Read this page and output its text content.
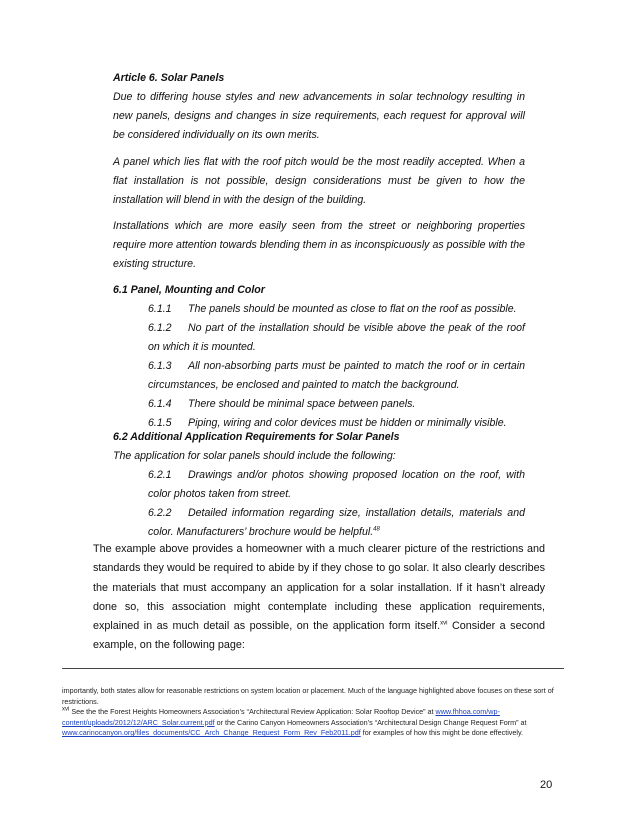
Article 6. Solar Panels
Due to differing house styles and new advancements in solar technology resulting in new panels, designs and changes in size requirements, each request for approval will be considered individually on its own merits.
A panel which lies flat with the roof pitch would be the most readily accepted. When a flat installation is not possible, design considerations must be given to how the installation will blend in with the design of the building.
Installations which are more easily seen from the street or neighboring properties require more attention towards blending them in as inconspicuously as possible with the existing structure.
6.1 Panel, Mounting and Color
6.1.1 The panels should be mounted as close to flat on the roof as possible.
6.1.2 No part of the installation should be visible above the peak of the roof on which it is mounted.
6.1.3 All non-absorbing parts must be painted to match the roof or in certain circumstances, be enclosed and painted to match the background.
6.1.4 There should be minimal space between panels.
6.1.5 Piping, wiring and color devices must be hidden or minimally visible.
6.2 Additional Application Requirements for Solar Panels
The application for solar panels should include the following:
6.2.1 Drawings and/or photos showing proposed location on the roof, with color photos taken from street.
6.2.2 Detailed information regarding size, installation details, materials and color. Manufacturers’ brochure would be helpful.$^{48}$
The example above provides a homeowner with a much clearer picture of the restrictions and standards they would be required to abide by if they chose to go solar. It also clearly describes the materials that must accompany an application for a solar installation. If it hasn’t already done so, this association might contemplate including these application requirements, explained in as much detail as possible, on the application form itself.$^{xvi}$ Consider a second example, on the following page:
importantly, both states allow for reasonable restrictions on system location or placement. Much of the language highlighted above focuses on these sort of restrictions.
$^{xvi}$ See the the Forest Heights Homeowners Association’s “Architectural Review Application: Solar Rooftop Device” at www.fhhoa.com/wp-content/uploads/2012/12/ARC_Solar.current.pdf or the Carino Canyon Homeowners Association’s “Architectural Design Change Request Form” at www.carinocanyon.org/files_documents/CC_Arch_Change_Request_Form_Rev_Feb2011.pdf for examples of how this might be done effectively.
20
